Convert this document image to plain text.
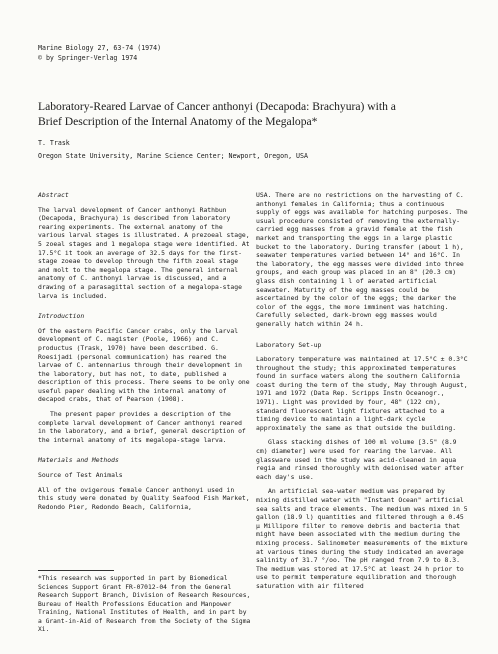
Marine Biology 27, 63-74 (1974)
© by Springer-Verlag 1974
Laboratory-Reared Larvae of Cancer anthonyi (Decapoda: Brachyura) with a
Brief Description of the Internal Anatomy of the Megalopa*
T. Trask
Oregon State University, Marine Science Center; Newport, Oregon, USA
Abstract

The larval development of Cancer anthonyi Rathbun (Decapoda, Brachyura) is described from laboratory rearing experiments. The external anatomy of the various larval stages is illustrated. A prezoeal stage, 5 zoeal stages and 1 megalopa stage were identified. At 17.5°C it took an average of 32.5 days for the first-stage zoeae to develop through the fifth zoeal stage and molt to the megalopa stage. The general internal anatomy of C. anthonyi larvae is discussed, and a drawing of a parasagittal section of a megalopa-stage larva is included.

Introduction

Of the eastern Pacific Cancer crabs, only the larval development of C. magister (Poole, 1966) and C. productus (Trask, 1970) have been described. G. Roesijadi (personal communication) has reared the larvae of C. antennarius through their development in the laboratory, but has not, to date, published a description of this process. There seems to be only one useful paper dealing with the internal anatomy of decapod crabs, that of Pearson (1908).

The present paper provides a description of the complete larval development of Cancer anthonyi reared in the laboratory, and a brief, general description of the internal anatomy of its megalopa-stage larva.

Materials and Methods
Source of Test Animals

All of the ovigerous female Cancer anthonyi used in this study were donated by Quality Seafood Fish Market, Redondo Pier, Redondo Beach, California,

*This research was supported in part by Biomedical Sciences Support Grant FR-07012-04 from the General Research Support Branch, Division of Research Resources, Bureau of Health Professions Education and Manpower Training, National Institutes of Health, and in part by a Grant-in-Aid of Research from the Society of the Sigma Xi.

USA. There are no restrictions on the harvesting of C. anthonyi females in California; thus a continuous supply of eggs was available for hatching purposes. The usual procedure consisted of removing the externally-carried egg masses from a gravid female at the fish market and transporting the eggs in a large plastic bucket to the laboratory. During transfer (about 1 h), seawater temperatures varied between 14° and 16°C. In the laboratory, the egg masses were divided into three groups, and each group was placed in an 8" (20.3 cm) glass dish containing 1 l of aerated artificial seawater. Maturity of the egg masses could be ascertained by the color of the eggs; the darker the color of the eggs, the more imminent was hatching. Carefully selected, dark-brown egg masses would generally hatch within 24 h.

Laboratory Set-up

Laboratory temperature was maintained at 17.5°C ± 0.3°C throughout the study; this approximated temperatures found in surface waters along the southern California coast during the term of the study, May through August, 1971 and 1972 (Data Rep. Scripps Instn Oceanogr., 1971). Light was provided by four, 48" (122 cm), standard fluorescent light fixtures attached to a timing device to maintain a light-dark cycle approximately the same as that outside the building.

Glass stacking dishes of 100 ml volume [3.5" (8.9 cm) diameter] were used for rearing the larvae. All glassware used in the study was acid-cleaned in aqua regia and rinsed thoroughly with deionised water after each day's use.

An artificial sea-water medium was prepared by mixing distilled water with "Instant Ocean" artificial sea salts and trace elements. The medium was mixed in 5 gallon (18.9 l) quantities and filtered through a 0.45 μ Millipore filter to remove debris and bacteria that might have been associated with the medium during the mixing process. Salinometer measurements of the mixture at various times during the study indicated an average salinity of 31.7 °/oo. The pH ranged from 7.9 to 8.3. The medium was stored at 17.5°C at least 24 h prior to use to permit temperature equilibration and thorough saturation with air filtered
